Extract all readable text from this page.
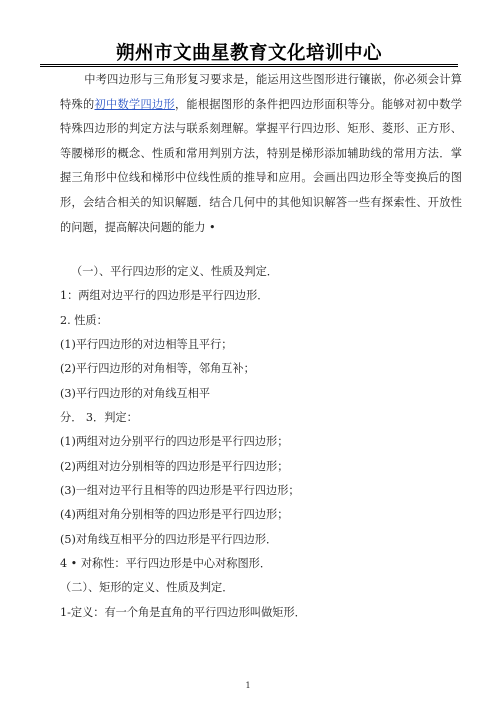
朔州市文曲星教育文化培训中心
中考四边形与三角形复习要求是，能运用这些图形进行镶嵌，你必须会计算特殊的初中数学四边形，能根据图形的条件把四边形面积等分。能够对初中数学特殊四边形的判定方法与联系刻理解。掌握平行四边形、矩形、菱形、正方形、等腰梯形的概念、性质和常用判别方法，特别是梯形添加辅助线的常用方法．掌握三角形中位线和梯形中位线性质的推导和应用。会画出四边形全等变换后的图形，会结合相关的知识解题．结合几何中的其他知识解答一些有探索性、开放性的问题，提高解决问题的能力 •
（一）、平行四边形的定义、性质及判定．
1：两组对边平行的四边形是平行四边形．
2. 性质：
(1)平行四边形的对边相等且平行；
(2)平行四边形的对角相等，邻角互补；
(3)平行四边形的对角线互相平
分． 3．判定：
(1)两组对边分别平行的四边形是平行四边形；
(2)两组对边分别相等的四边形是平行四边形；
(3)一组对边平行且相等的四边形是平行四边形；
(4)两组对角分别相等的四边形是平行四边形；
(5)对角线互相平分的四边形是平行四边形．
4 • 对称性：平行四边形是中心对称图形．
（二）、矩形的定义、性质及判定．
1-定义：有一个角是直角的平行四边形叫做矩形．
1
